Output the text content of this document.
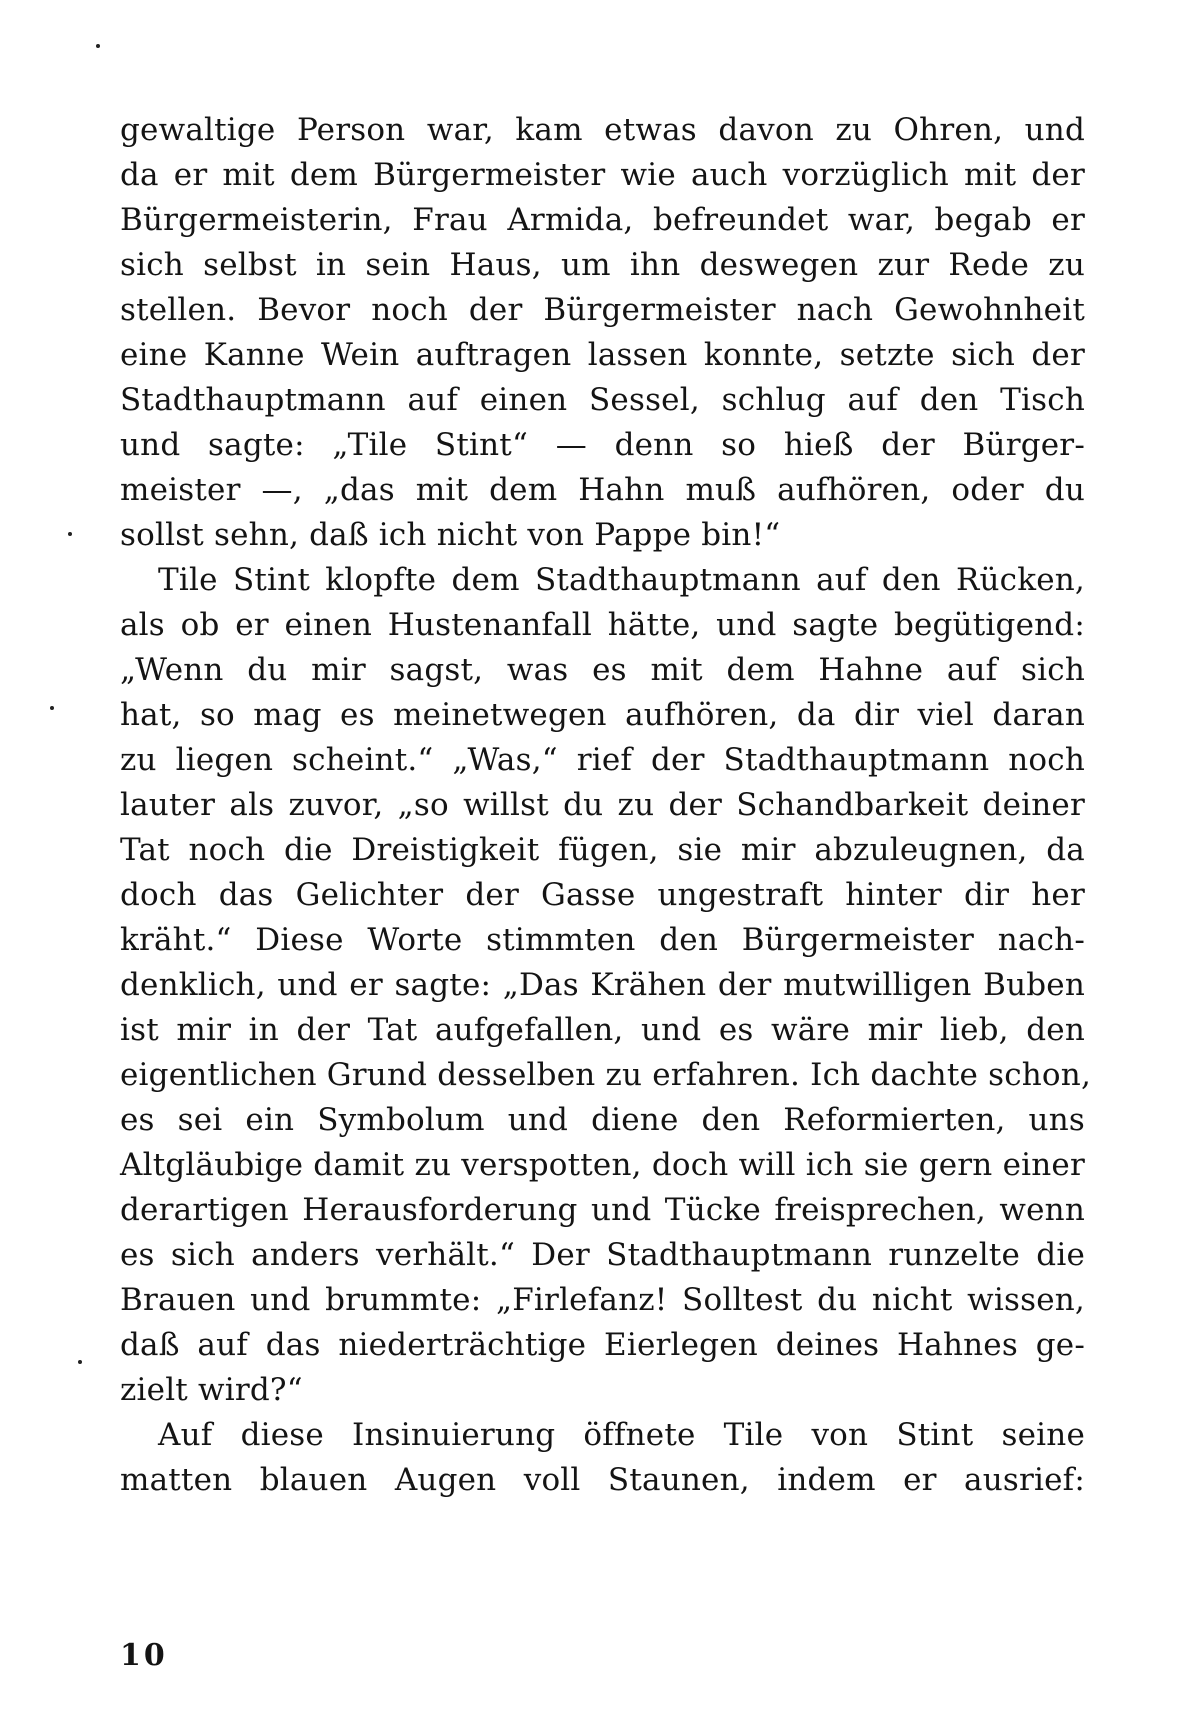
gewaltige Person war, kam etwas davon zu Ohren, und
da er mit dem Bürgermeister wie auch vorzüglich mit der
Bürgermeisterin, Frau Armida, befreundet war, begab er
sich selbst in sein Haus, um ihn deswegen zur Rede zu
stellen. Bevor noch der Bürgermeister nach Gewohnheit
eine Kanne Wein auftragen lassen konnte, setzte sich der
Stadthauptmann auf einen Sessel, schlug auf den Tisch
und sagte: „Tile Stint“ — denn so hieß der Bürger-
meister —, „das mit dem Hahn muß aufhören, oder du
sollst sehn, daß ich nicht von Pappe bin!“
Tile Stint klopfte dem Stadthauptmann auf den Rücken,
als ob er einen Hustenanfall hätte, und sagte begütigend:
„Wenn du mir sagst, was es mit dem Hahne auf sich
hat, so mag es meinetwegen aufhören, da dir viel daran
zu liegen scheint.“ „Was,“ rief der Stadthauptmann noch
lauter als zuvor, „so willst du zu der Schandbarkeit deiner
Tat noch die Dreistigkeit fügen, sie mir abzuleugnen, da
doch das Gelichter der Gasse ungestraft hinter dir her
kräht.“ Diese Worte stimmten den Bürgermeister nach-
denklich, und er sagte: „Das Krähen der mutwilligen Buben
ist mir in der Tat aufgefallen, und es wäre mir lieb, den
eigentlichen Grund desselben zu erfahren. Ich dachte schon,
es sei ein Symbolum und diene den Reformierten, uns
Altgläubige damit zu verspotten, doch will ich sie gern einer
derartigen Herausforderung und Tücke freisprechen, wenn
es sich anders verhält.“ Der Stadthauptmann runzelte die
Brauen und brummte: „Firlefanz! Solltest du nicht wissen,
daß auf das niederträchtige Eierlegen deines Hahnes ge-
zielt wird?“
Auf diese Insinuierung öffnete Tile von Stint seine
matten blauen Augen voll Staunen, indem er ausrief:
10
